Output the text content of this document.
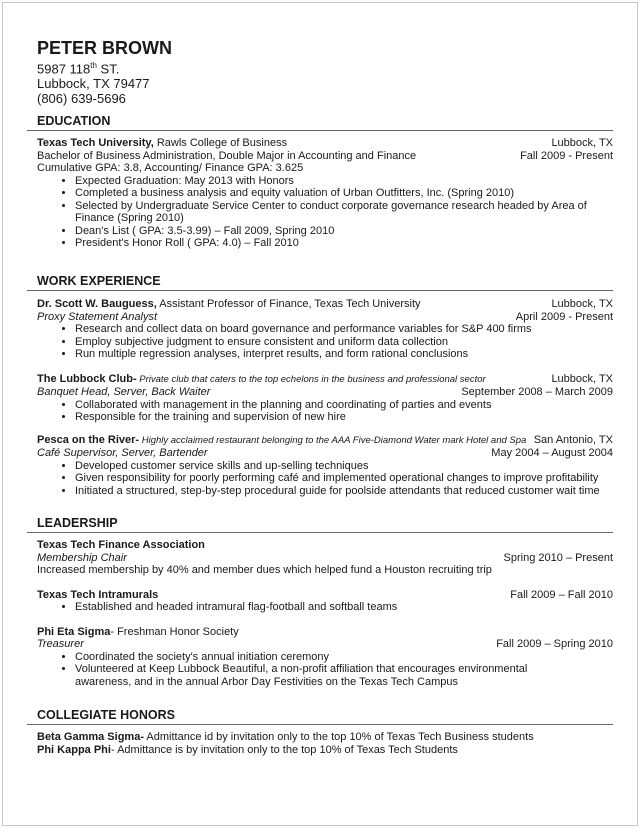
PETER BROWN
5987 118th ST.
Lubbock, TX 79477
(806) 639-5696
EDUCATION
Texas Tech University, Rawls College of Business	Lubbock, TX
Bachelor of Business Administration, Double Major in Accounting and Finance	Fall 2009 - Present
Cumulative GPA: 3.8, Accounting/ Finance GPA: 3.625
• Expected Graduation: May 2013 with Honors
• Completed a business analysis and equity valuation of Urban Outfitters, Inc. (Spring 2010)
• Selected by Undergraduate Service Center to conduct corporate governance research headed by Area of Finance (Spring 2010)
• Dean's List ( GPA: 3.5-3.99) – Fall 2009, Spring 2010
• President's Honor Roll ( GPA: 4.0) – Fall 2010
WORK EXPERIENCE
Dr. Scott W. Bauguess, Assistant Professor of Finance, Texas Tech University	Lubbock, TX
Proxy Statement Analyst	April 2009 - Present
• Research and collect data on board governance and performance variables for S&P 400 firms
• Employ subjective judgment to ensure consistent and uniform data collection
• Run multiple regression analyses, interpret results, and form rational conclusions
The Lubbock Club- Private club that caters to the top echelons in the business and professional sector	Lubbock, TX
Banquet Head, Server, Back Waiter	September 2008 – March 2009
• Collaborated with management in the planning and coordinating of parties and events
• Responsible for the training and supervision of new hire
Pesca on the River- Highly acclaimed restaurant belonging to the AAA Five-Diamond Water mark Hotel and Spa San Antonio, TX
Café Supervisor, Server, Bartender	May 2004 – August 2004
• Developed customer service skills and up-selling techniques
• Given responsibility for poorly performing café and implemented operational changes to improve profitability
• Initiated a structured, step-by-step procedural guide for poolside attendants that reduced customer wait time
LEADERSHIP
Texas Tech Finance Association
Membership Chair	Spring 2010 – Present
Increased membership by 40% and member dues which helped fund a Houston recruiting trip
Texas Tech Intramurals	Fall 2009 – Fall 2010
• Established and headed intramural flag-football and softball teams
Phi Eta Sigma- Freshman Honor Society
Treasurer	Fall 2009 – Spring 2010
• Coordinated the society's annual initiation ceremony
• Volunteered at Keep Lubbock Beautiful, a non-profit affiliation that encourages environmental awareness, and in the annual Arbor Day Festivities on the Texas Tech Campus
COLLEGIATE HONORS
Beta Gamma Sigma- Admittance id by invitation only to the top 10% of Texas Tech Business students
Phi Kappa Phi- Admittance is by invitation only to the top 10% of Texas Tech Students
